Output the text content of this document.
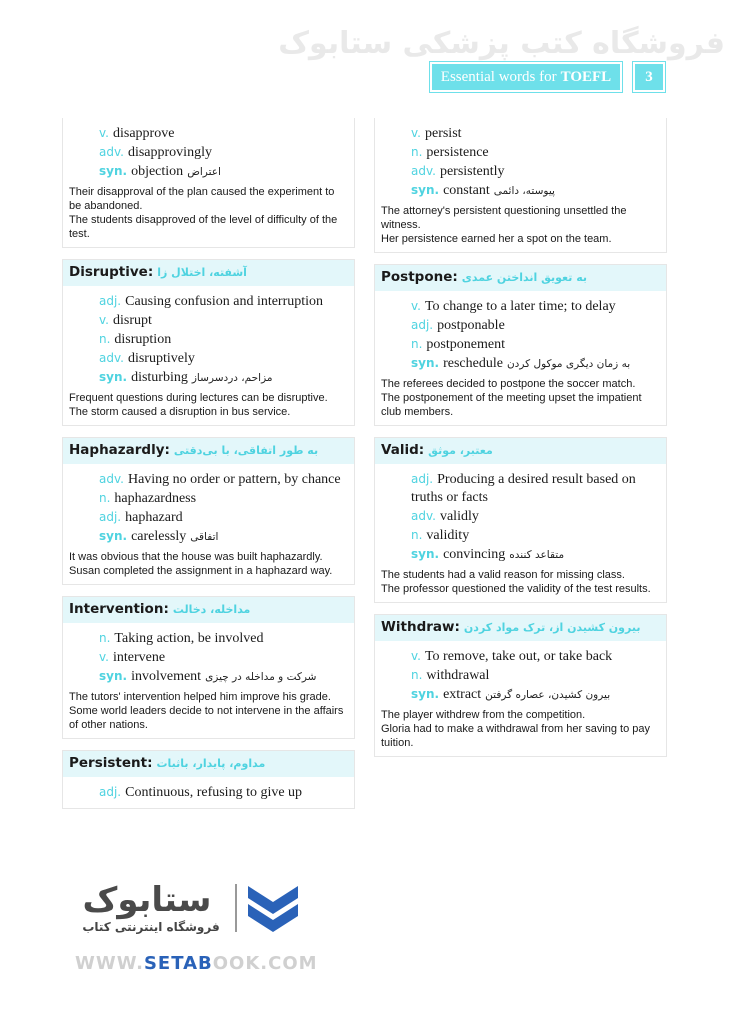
فروشگاه کتب پزشکی ستابوک
Essential words for TOEFL	3
v. disapprove
adv. disapprovingly
syn. objection اعتراض

Their disapproval of the plan caused the experiment to be abandoned.

The students disapproved of the level of difficulty of the test.

Disruptive : آشفته، اختلال زا
adj. Causing confusion and interruption
v. disrupt
n. disruption
adv. disruptively
syn. disturbing مزاحم، دردسرساز

Frequent questions during lectures can be disruptive.

The storm caused a disruption in bus service.

Haphazardly : به طور اتفاقی، با بی‌دقتی
adv. Having no order or pattern, by chance
n. haphazardness
adj. haphazard
syn. carelessly اتفاقی

It was obvious that the house was built haphazardly.

Susan completed the assignment in a haphazard way.

Intervention : مداخله، دخالت
n. Taking action, be involved
v. intervene
syn. involvement شرکت و مداخله در چیزی

The tutors' intervention helped him improve his grade.

Some world leaders decide to not intervene in the affairs of other nations.

Persistent : مداوم، پایدار، باثبات
adj. Continuous, refusing to give up
v. persist
n. persistence
adv. persistently
syn. constant پیوسته، دائمی

The attorney's persistent questioning unsettled the witness.

Her persistence earned her a spot on the team.

Postpone : به تعویق انداختن عمدی
v. To change to a later time; to delay
adj. postponable
n. postponement
syn. reschedule به زمان دیگری موکول کردن

The referees decided to postpone the soccer match.

The postponement of the meeting upset the impatient club members.

Valid : معتبر، موثق
adj. Producing a desired result based on truths or facts
adv. validly
n. validity
syn. convincing متقاعد کننده

The students had a valid reason for missing class.

The professor questioned the validity of the test results.

Withdraw : بیرون کشیدن از، ترک مواد کردن
v. To remove, take out, or take back
n. withdrawal
syn. extract بیرون کشیدن، عصاره گرفتن

The player withdrew from the competition.

Gloria had to make a withdrawal from her saving to pay tuition.

ستابوک
فروشگاه اینترنتی کتاب
WWW.SETABOOK.COM
